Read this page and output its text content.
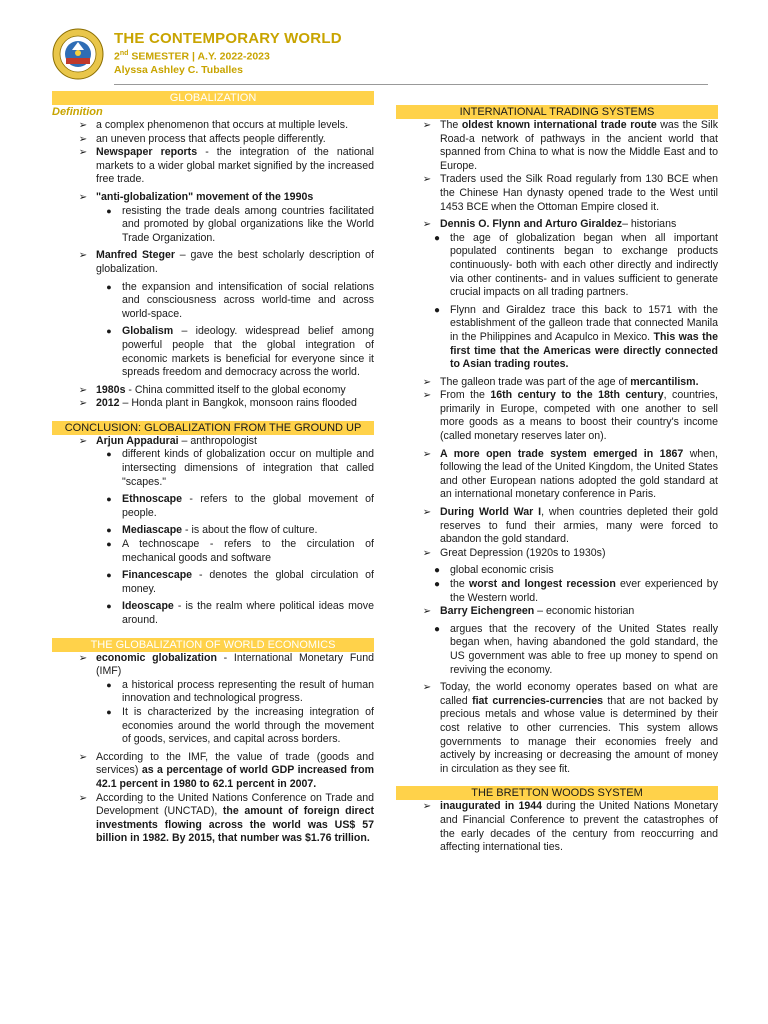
THE CONTEMPORARY WORLD
2nd SEMESTER | A.Y. 2022-2023
Alyssa Ashley C. Tuballes
GLOBALIZATION
Definition
➢ a complex phenomenon that occurs at multiple levels.
➢ an uneven process that affects people differently.
➢ Newspaper reports - the integration of the national markets to a wider global market signified by the increased free trade.
➢ "anti-globalization" movement of the 1990s
● resisting the trade deals among countries facilitated and promoted by global organizations like the World Trade Organization.
➢ Manfred Steger – gave the best scholarly description of globalization.
● the expansion and intensification of social relations and consciousness across world-time and across world-space.
● Globalism – ideology. widespread belief among powerful people that the global integration of economic markets is beneficial for everyone since it spreads freedom and democracy across the world.
➢ 1980s - China committed itself to the global economy
➢ 2012 – Honda plant in Bangkok, monsoon rains flooded
CONCLUSION: GLOBALIZATION FROM THE GROUND UP
➢ Arjun Appadurai – anthropologist
● different kinds of globalization occur on multiple and intersecting dimensions of integration that called "scapes."
● Ethnoscape - refers to the global movement of people.
● Mediascape - is about the flow of culture.
● A technoscape - refers to the circulation of mechanical goods and software
● Financescape - denotes the global circulation of money.
● Ideoscape - is the realm where political ideas move around.
THE GLOBALIZATION OF WORLD ECONOMICS
➢ economic globalization - International Monetary Fund (IMF)
● a historical process representing the result of human innovation and technological progress.
● It is characterized by the increasing integration of economies around the world through the movement of goods, services, and capital across borders.
➢ According to the IMF, the value of trade (goods and services) as a percentage of world GDP increased from 42.1 percent in 1980 to 62.1 percent in 2007.
➢ According to the United Nations Conference on Trade and Development (UNCTAD), the amount of foreign direct investments flowing across the world was US$ 57 billion in 1982. By 2015, that number was $1.76 trillion.
INTERNATIONAL TRADING SYSTEMS
➢ The oldest known international trade route was the Silk Road-a network of pathways in the ancient world that spanned from China to what is now the Middle East and to Europe.
➢ Traders used the Silk Road regularly from 130 BCE when the Chinese Han dynasty opened trade to the West until 1453 BCE when the Ottoman Empire closed it.
➢ Dennis O. Flynn and Arturo Giraldez– historians
● the age of globalization began when all important populated continents began to exchange products continuously- both with each other directly and indirectly via other continents- and in values sufficient to generate crucial impacts on all trading partners.
● Flynn and Giraldez trace this back to 1571 with the establishment of the galleon trade that connected Manila in the Philippines and Acapulco in Mexico. This was the first time that the Americas were directly connected to Asian trading routes.
➢ The galleon trade was part of the age of mercantilism.
➢ From the 16th century to the 18th century, countries, primarily in Europe, competed with one another to sell more goods as a means to boost their country's income (called monetary reserves later on).
➢ A more open trade system emerged in 1867 when, following the lead of the United Kingdom, the United States and other European nations adopted the gold standard at an international monetary conference in Paris.
➢ During World War I, when countries depleted their gold reserves to fund their armies, many were forced to abandon the gold standard.
➢ Great Depression (1920s to 1930s)
● global economic crisis
● the worst and longest recession ever experienced by the Western world.
➢ Barry Eichengreen – economic historian
● argues that the recovery of the United States really began when, having abandoned the gold standard, the US government was able to free up money to spend on reviving the economy.
➢ Today, the world economy operates based on what are called fiat currencies-currencies that are not backed by precious metals and whose value is determined by their cost relative to other currencies. This system allows governments to manage their economies freely and actively by increasing or decreasing the amount of money in circulation as they see fit.
THE BRETTON WOODS SYSTEM
➢ inaugurated in 1944 during the United Nations Monetary and Financial Conference to prevent the catastrophes of the early decades of the century from reoccurring and affecting international ties.
